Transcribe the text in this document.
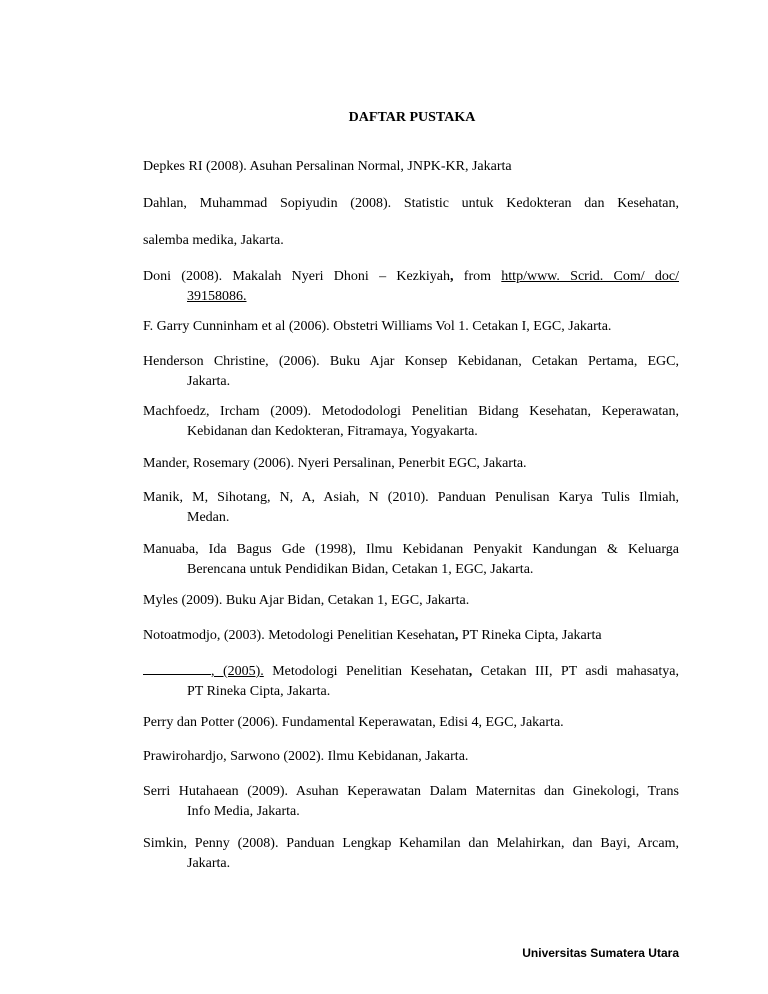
DAFTAR PUSTAKA
Depkes RI (2008). Asuhan Persalinan Normal, JNPK-KR, Jakarta
Dahlan, Muhammad Sopiyudin (2008). Statistic untuk Kedokteran dan Kesehatan,
salemba medika, Jakarta.
Doni (2008). Makalah Nyeri Dhoni – Kezkiyah, from http/www. Scrid. Com/ doc/
39158086.
F. Garry Cunninham et al (2006). Obstetri Williams Vol 1. Cetakan I, EGC, Jakarta.
Henderson Christine, (2006). Buku Ajar Konsep Kebidanan, Cetakan Pertama, EGC,
Jakarta.
Machfoedz, Ircham (2009). Metododologi Penelitian Bidang Kesehatan, Keperawatan,
Kebidanan dan Kedokteran, Fitramaya, Yogyakarta.
Mander, Rosemary (2006). Nyeri Persalinan, Penerbit EGC, Jakarta.
Manik, M, Sihotang, N, A, Asiah, N (2010). Panduan Penulisan Karya Tulis Ilmiah,
Medan.
Manuaba, Ida Bagus Gde (1998), Ilmu Kebidanan Penyakit Kandungan & Keluarga
Berencana untuk Pendidikan Bidan, Cetakan 1, EGC, Jakarta.
Myles (2009). Buku Ajar Bidan, Cetakan 1, EGC, Jakarta.
Notoatmodjo, (2003). Metodologi Penelitian Kesehatan, PT Rineka Cipta, Jakarta
, (2005). Metodologi Penelitian Kesehatan, Cetakan III, PT asdi mahasatya,
PT Rineka Cipta, Jakarta.
Perry dan Potter (2006). Fundamental Keperawatan, Edisi 4, EGC, Jakarta.
Prawirohardjo, Sarwono (2002). Ilmu Kebidanan, Jakarta.
Serri Hutahaean (2009). Asuhan Keperawatan Dalam Maternitas dan Ginekologi, Trans
Info Media, Jakarta.
Simkin, Penny (2008). Panduan Lengkap Kehamilan dan Melahirkan, dan Bayi, Arcam,
Jakarta.
Universitas Sumatera Utara
